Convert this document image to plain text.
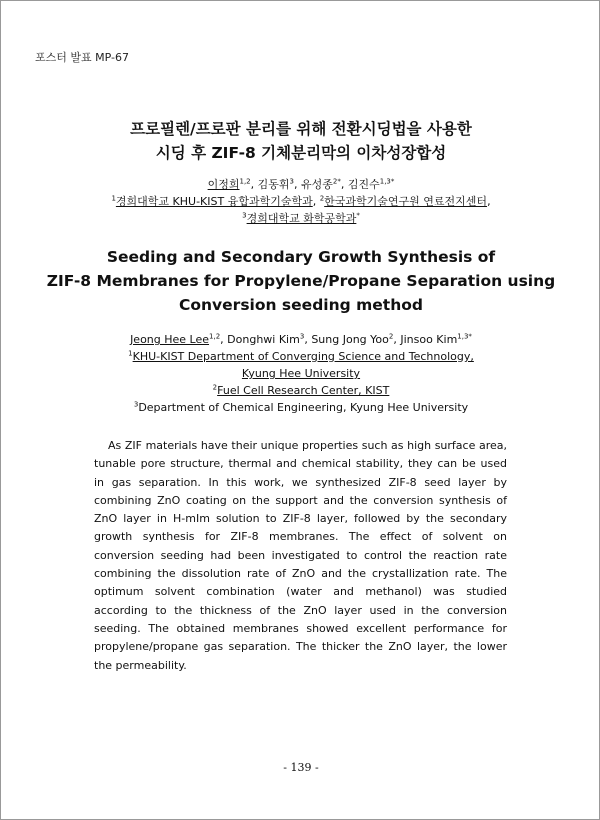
포스터 발표 MP-67
프로필렌/프로판 분리를 위해 전환시딩법을 사용한
시딩 후 ZIF-8 기체분리막의 이차성장합성
이정희$^{1,2}$, 김동휘$^3$, 유성종$^{2*}$, 김진수$^{1,3*}$
$^1$경희대학교 KHU-KIST 융합과학기술학과, $^2$한국과학기술연구원 연료전지센터,
$^3$경희대학교 화학공학과*
Seeding and Secondary Growth Synthesis of
ZIF-8 Membranes for Propylene/Propane Separation using
Conversion seeding method
Jeong Hee Lee$^{1,2}$, Donghwi Kim$^3$, Sung Jong Yoo$^2$, Jinsoo Kim$^{1,3*}$
$^1$KHU-KIST Department of Converging Science and Technology,
Kyung Hee University
$^2$Fuel Cell Research Center, KIST
$^3$Department of Chemical Engineering, Kyung Hee University

As ZIF materials have their unique properties such as high surface area, tunable pore structure, thermal and chemical stability, they can be used in gas separation. In this work, we synthesized ZIF-8 seed layer by combining ZnO coating on the support and the conversion synthesis of ZnO layer in H-mIm solution to ZIF-8 layer, followed by the secondary growth synthesis for ZIF-8 membranes. The effect of solvent on conversion seeding had been investigated to control the reaction rate combining the dissolution rate of ZnO and the crystallization rate. The optimum solvent combination (water and methanol) was studied according to the thickness of the ZnO layer used in the conversion seeding. The obtained membranes showed excellent performance for propylene/propane gas separation. The thicker the ZnO layer, the lower the permeability.

- 139 -
